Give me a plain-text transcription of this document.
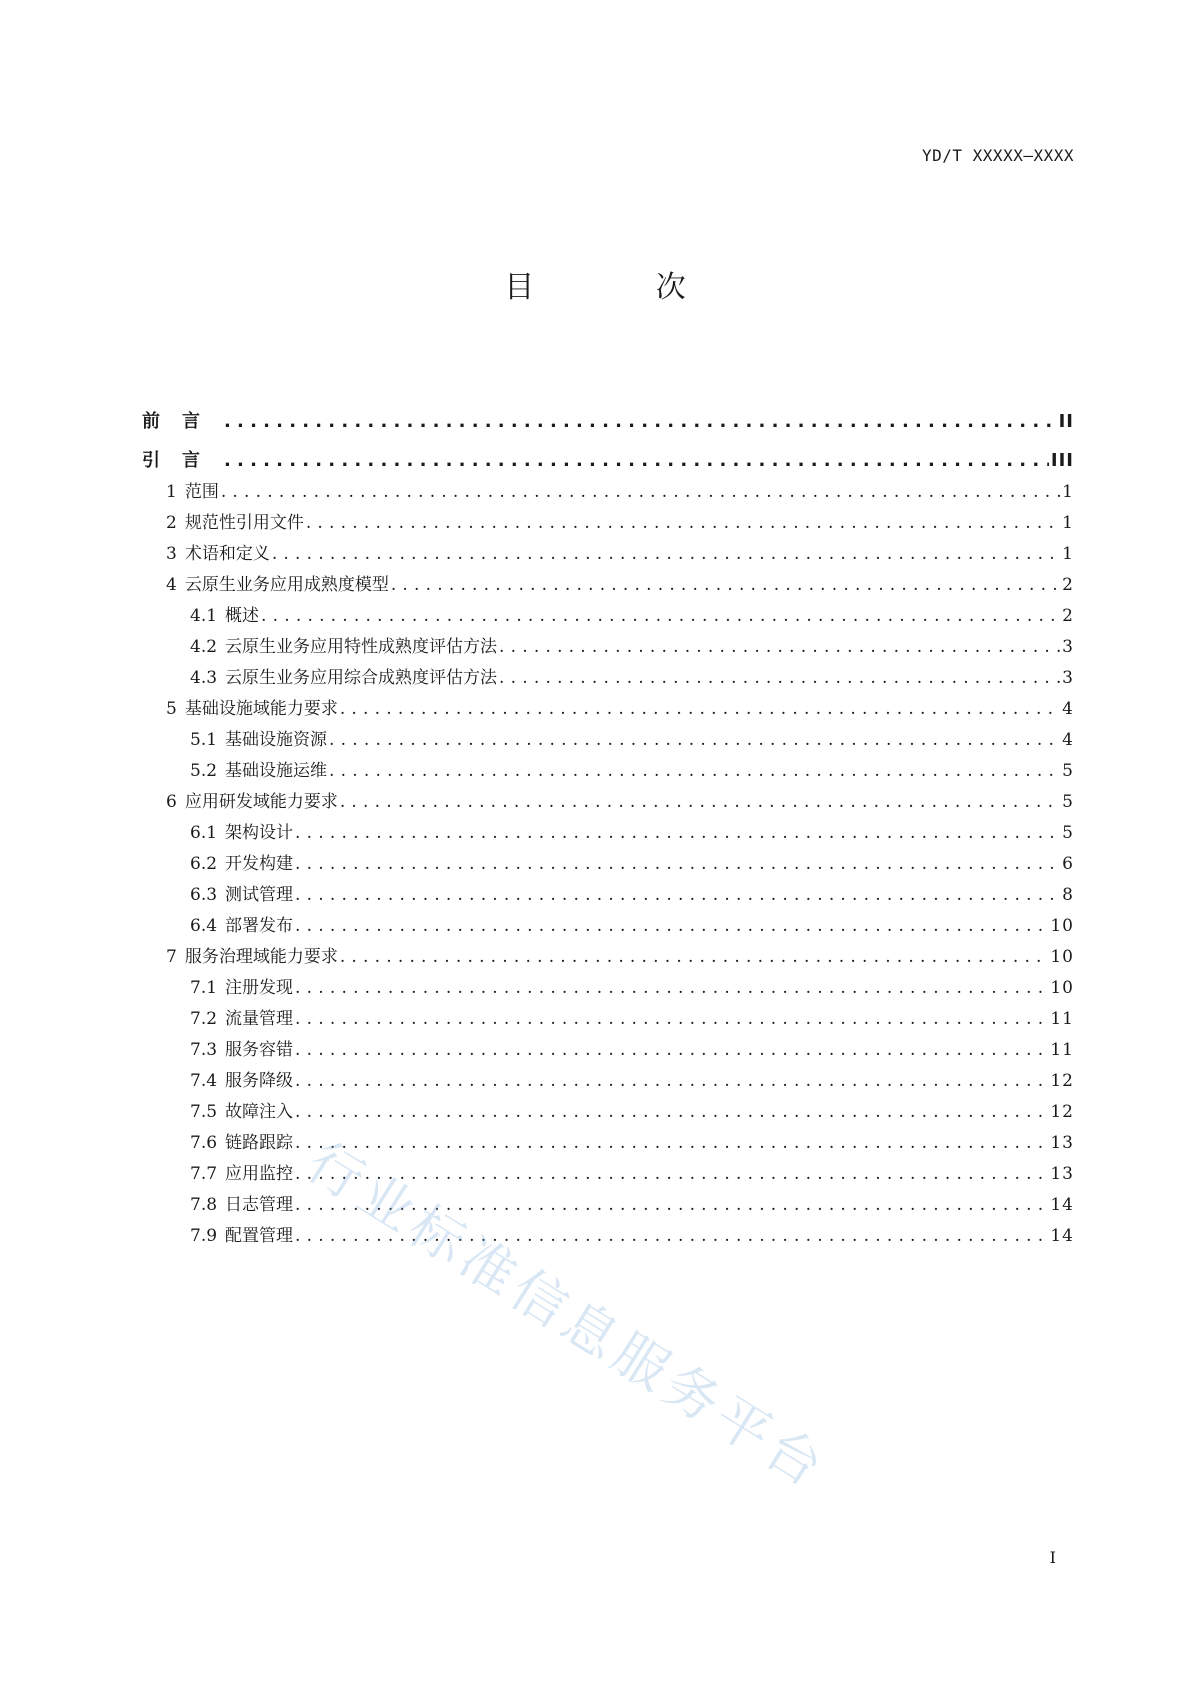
YD/T XXXXX—XXXX
目 次
前言 .....	II
引言 .....	III
1 范围 .....	1
2 规范性引用文件 .....	1
3 术语和定义 .....	1
4 云原生业务应用成熟度模型 .....	2
4.1 概述 .....	2
4.2 云原生业务应用特性成熟度评估方法 .....	3
4.3 云原生业务应用综合成熟度评估方法 .....	3
5 基础设施域能力要求 .....	4
5.1 基础设施资源 .....	4
5.2 基础设施运维 .....	5
6 应用研发域能力要求 .....	5
6.1 架构设计 .....	5
6.2 开发构建 .....	6
6.3 测试管理 .....	8
6.4 部署发布 .....	10
7 服务治理域能力要求 .....	10
7.1 注册发现 .....	10
7.2 流量管理 .....	11
7.3 服务容错 .....	11
7.4 服务降级 .....	12
7.5 故障注入 .....	12
7.6 链路跟踪 .....	13
7.7 应用监控 .....	13
7.8 日志管理 .....	14
7.9 配置管理 .....	14
I
行业标准信息服务平台
